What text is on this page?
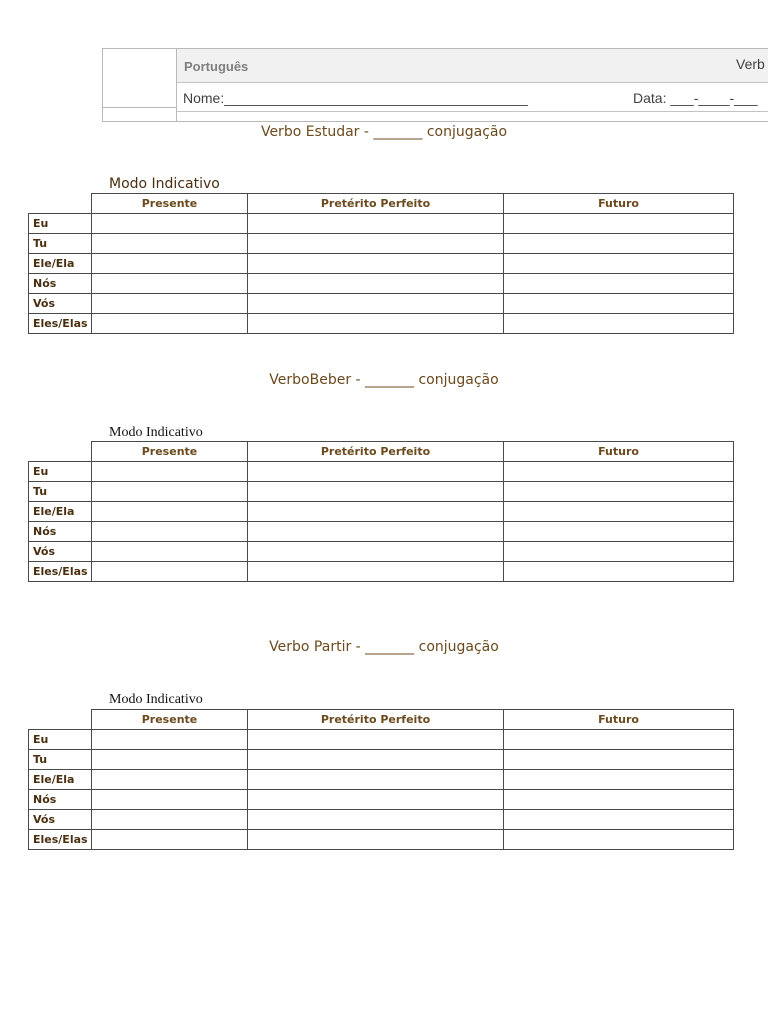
Português	Verb
Nome:_______________________________________	Data: ___-____-___
Verbo Estudar - _______ conjugação
Modo Indicativo
	Presente	Pretérito Perfeito	Futuro
Eu			
Tu			
Ele/Ela			
Nós			
Vós			
Eles/Elas			
VerboBeber - _______ conjugação
Modo Indicativo
	Presente	Pretérito Perfeito	Futuro
Eu			
Tu			
Ele/Ela			
Nós			
Vós			
Eles/Elas			
Verbo Partir - _______ conjugação
Modo Indicativo
	Presente	Pretérito Perfeito	Futuro
Eu			
Tu			
Ele/Ela			
Nós			
Vós			
Eles/Elas			
